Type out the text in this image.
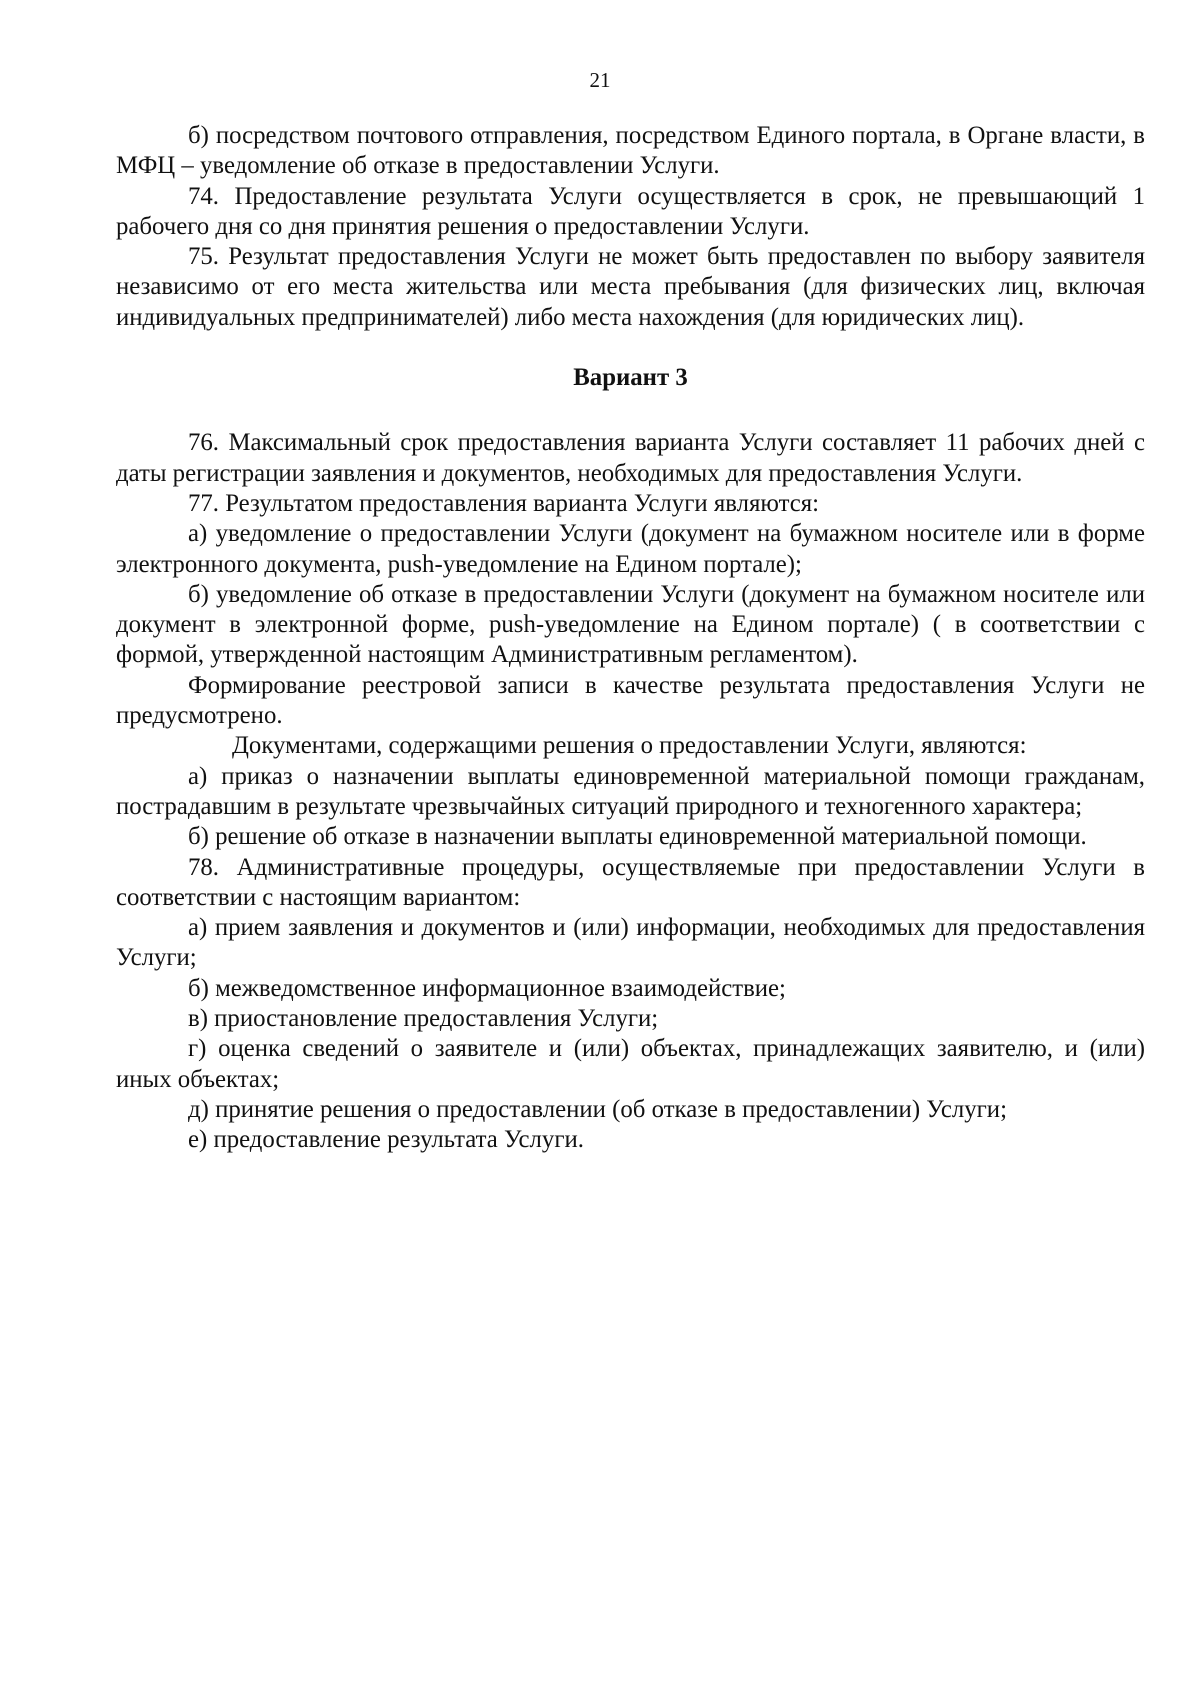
21

б) посредством почтового отправления, посредством Единого портала, в Органе власти, в МФЦ – уведомление об отказе в предоставлении Услуги.

74. Предоставление результата Услуги осуществляется в срок, не превышающий 1 рабочего дня со дня принятия решения о предоставлении Услуги.

75. Результат предоставления Услуги не может быть предоставлен по выбору заявителя независимо от его места жительства или места пребывания (для физических лиц, включая индивидуальных предпринимателей) либо места нахождения (для юридических лиц).

Вариант 3

76. Максимальный срок предоставления варианта Услуги составляет 11 рабочих дней с даты регистрации заявления и документов, необходимых для предоставления Услуги.

77. Результатом предоставления варианта Услуги являются:

а) уведомление о предоставлении Услуги (документ на бумажном носителе или в форме электронного документа, push-уведомление на Едином портале);

б) уведомление об отказе в предоставлении Услуги (документ на бумажном носителе или документ в электронной форме, push-уведомление на Едином портале) ( в соответствии с формой, утвержденной настоящим Административным регламентом).

Формирование реестровой записи в качестве результата предоставления Услуги не предусмотрено.

Документами, содержащими решения о предоставлении Услуги, являются:

а) приказ о назначении выплаты единовременной материальной помощи гражданам, пострадавшим в результате чрезвычайных ситуаций природного и техногенного характера;

б) решение об отказе в назначении выплаты единовременной материальной помощи.

78. Административные процедуры, осуществляемые при предоставлении Услуги в соответствии с настоящим вариантом:

а) прием заявления и документов и (или) информации, необходимых для предоставления Услуги;

б) межведомственное информационное взаимодействие;

в) приостановление предоставления Услуги;

г) оценка сведений о заявителе и (или) объектах, принадлежащих заявителю, и (или) иных объектах;

д) принятие решения о предоставлении (об отказе в предоставлении) Услуги;

е) предоставление результата Услуги.
